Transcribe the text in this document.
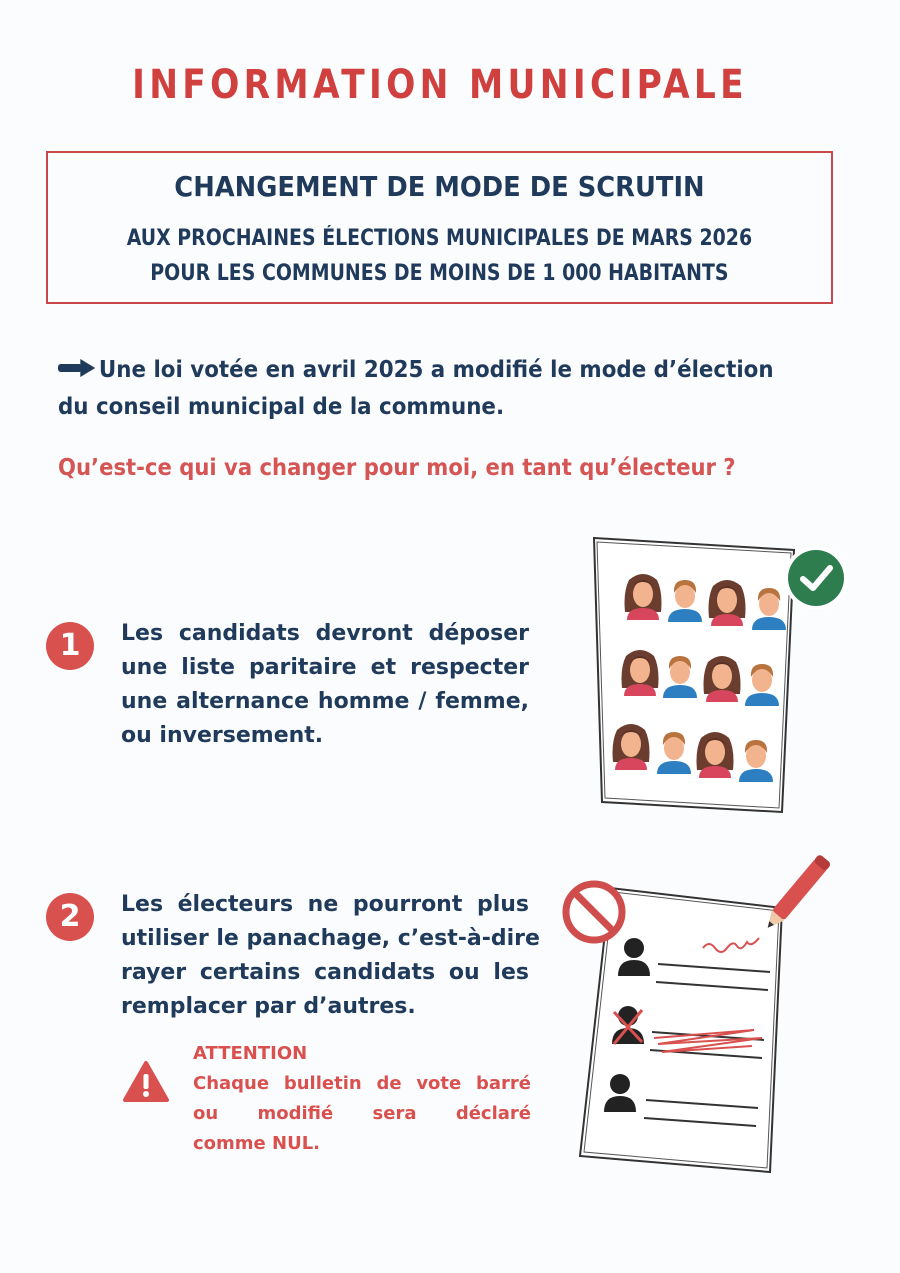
INFORMATION MUNICIPALE
CHANGEMENT DE MODE DE SCRUTIN
AUX PROCHAINES ÉLECTIONS MUNICIPALES DE MARS 2026
POUR LES COMMUNES DE MOINS DE 1 000 HABITANTS
Une loi votée en avril 2025 a modifié le mode d’élection
du conseil municipal de la commune.
Qu’est-ce qui va changer pour moi, en tant qu’électeur ?
1	Les candidats devront déposer
une liste paritaire et respecter
une alternance homme / femme,
ou inversement.
2	Les électeurs ne pourront plus
utiliser le panachage, c’est-à-dire
rayer certains candidats ou les
remplacer par d’autres.
ATTENTION
Chaque bulletin de vote barré
ou modifié sera déclaré
comme NUL.
